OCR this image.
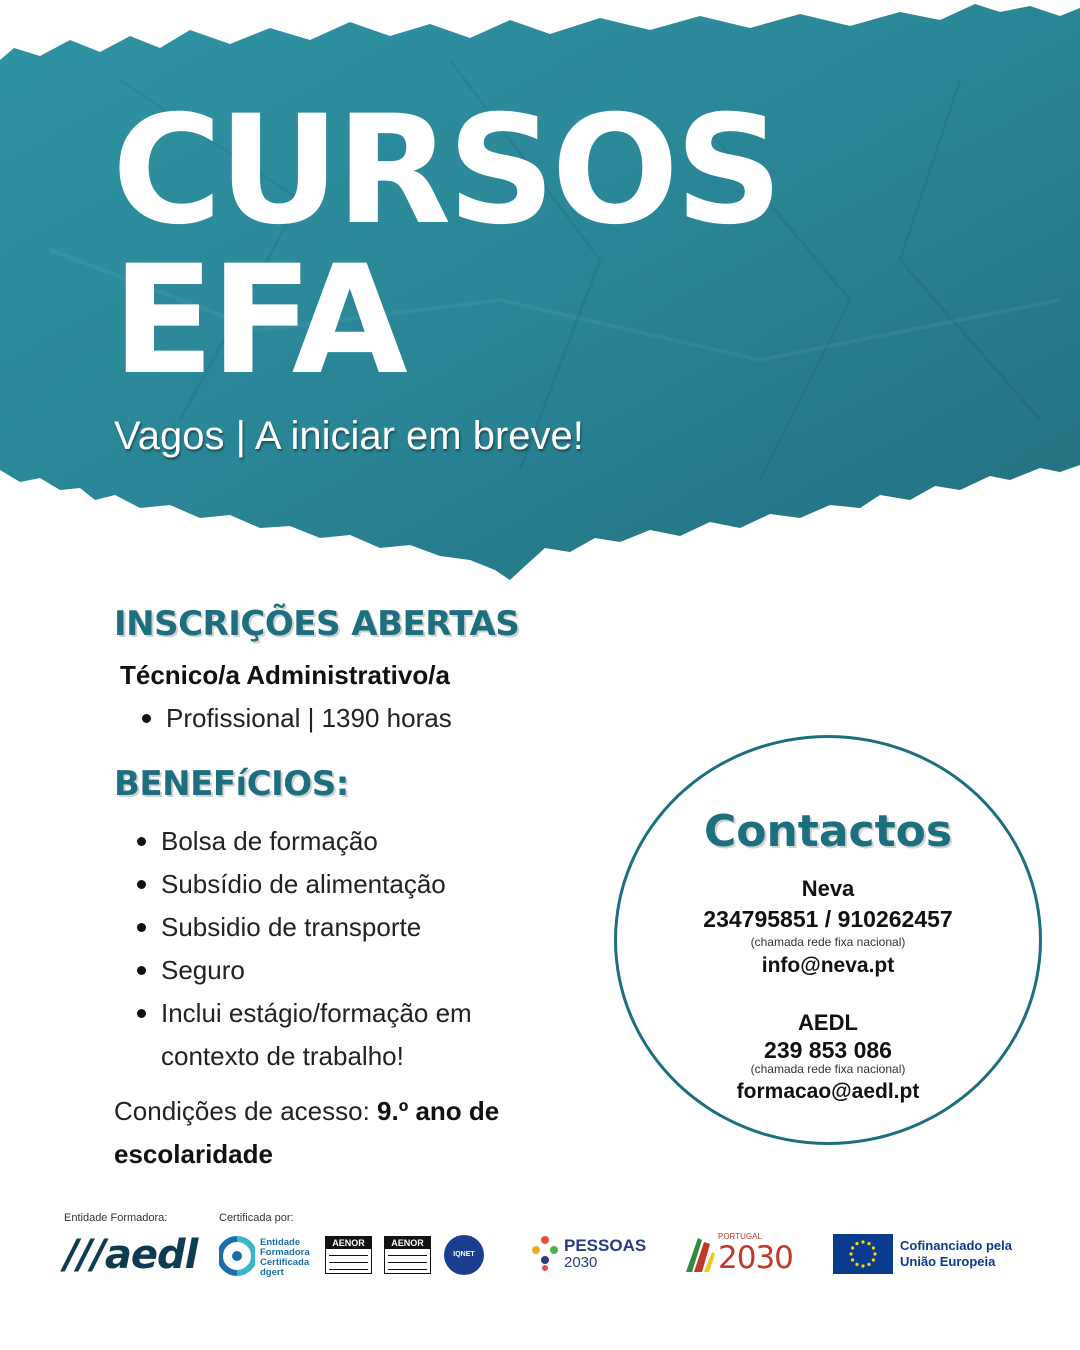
CURSOS
EFA
Vagos | A iniciar em breve!
INSCRIÇÕES ABERTAS
Técnico/a Administrativo/a
Profissional | 1390 horas
BENEFíCIOS:
Bolsa de formação
Subsídio de alimentação
Subsidio de transporte
Seguro
Inclui estágio/formação em contexto de trabalho!
Condições de acesso: 9.º ano de escolaridade
Contactos
Neva
234795851 / 910262457
(chamada rede fixa nacional)
info@neva.pt
AEDL
239 853 086
(chamada rede fixa nacional)
formacao@aedl.pt
Entidade Formadora:	Certificada por:
///aedl	Entidade
Formadora
Certificada
dgert
AENOR	AENOR
IQNET	PESSOAS
2030
PORTUGAL
2030	Cofinanciado pela
União Europeia
